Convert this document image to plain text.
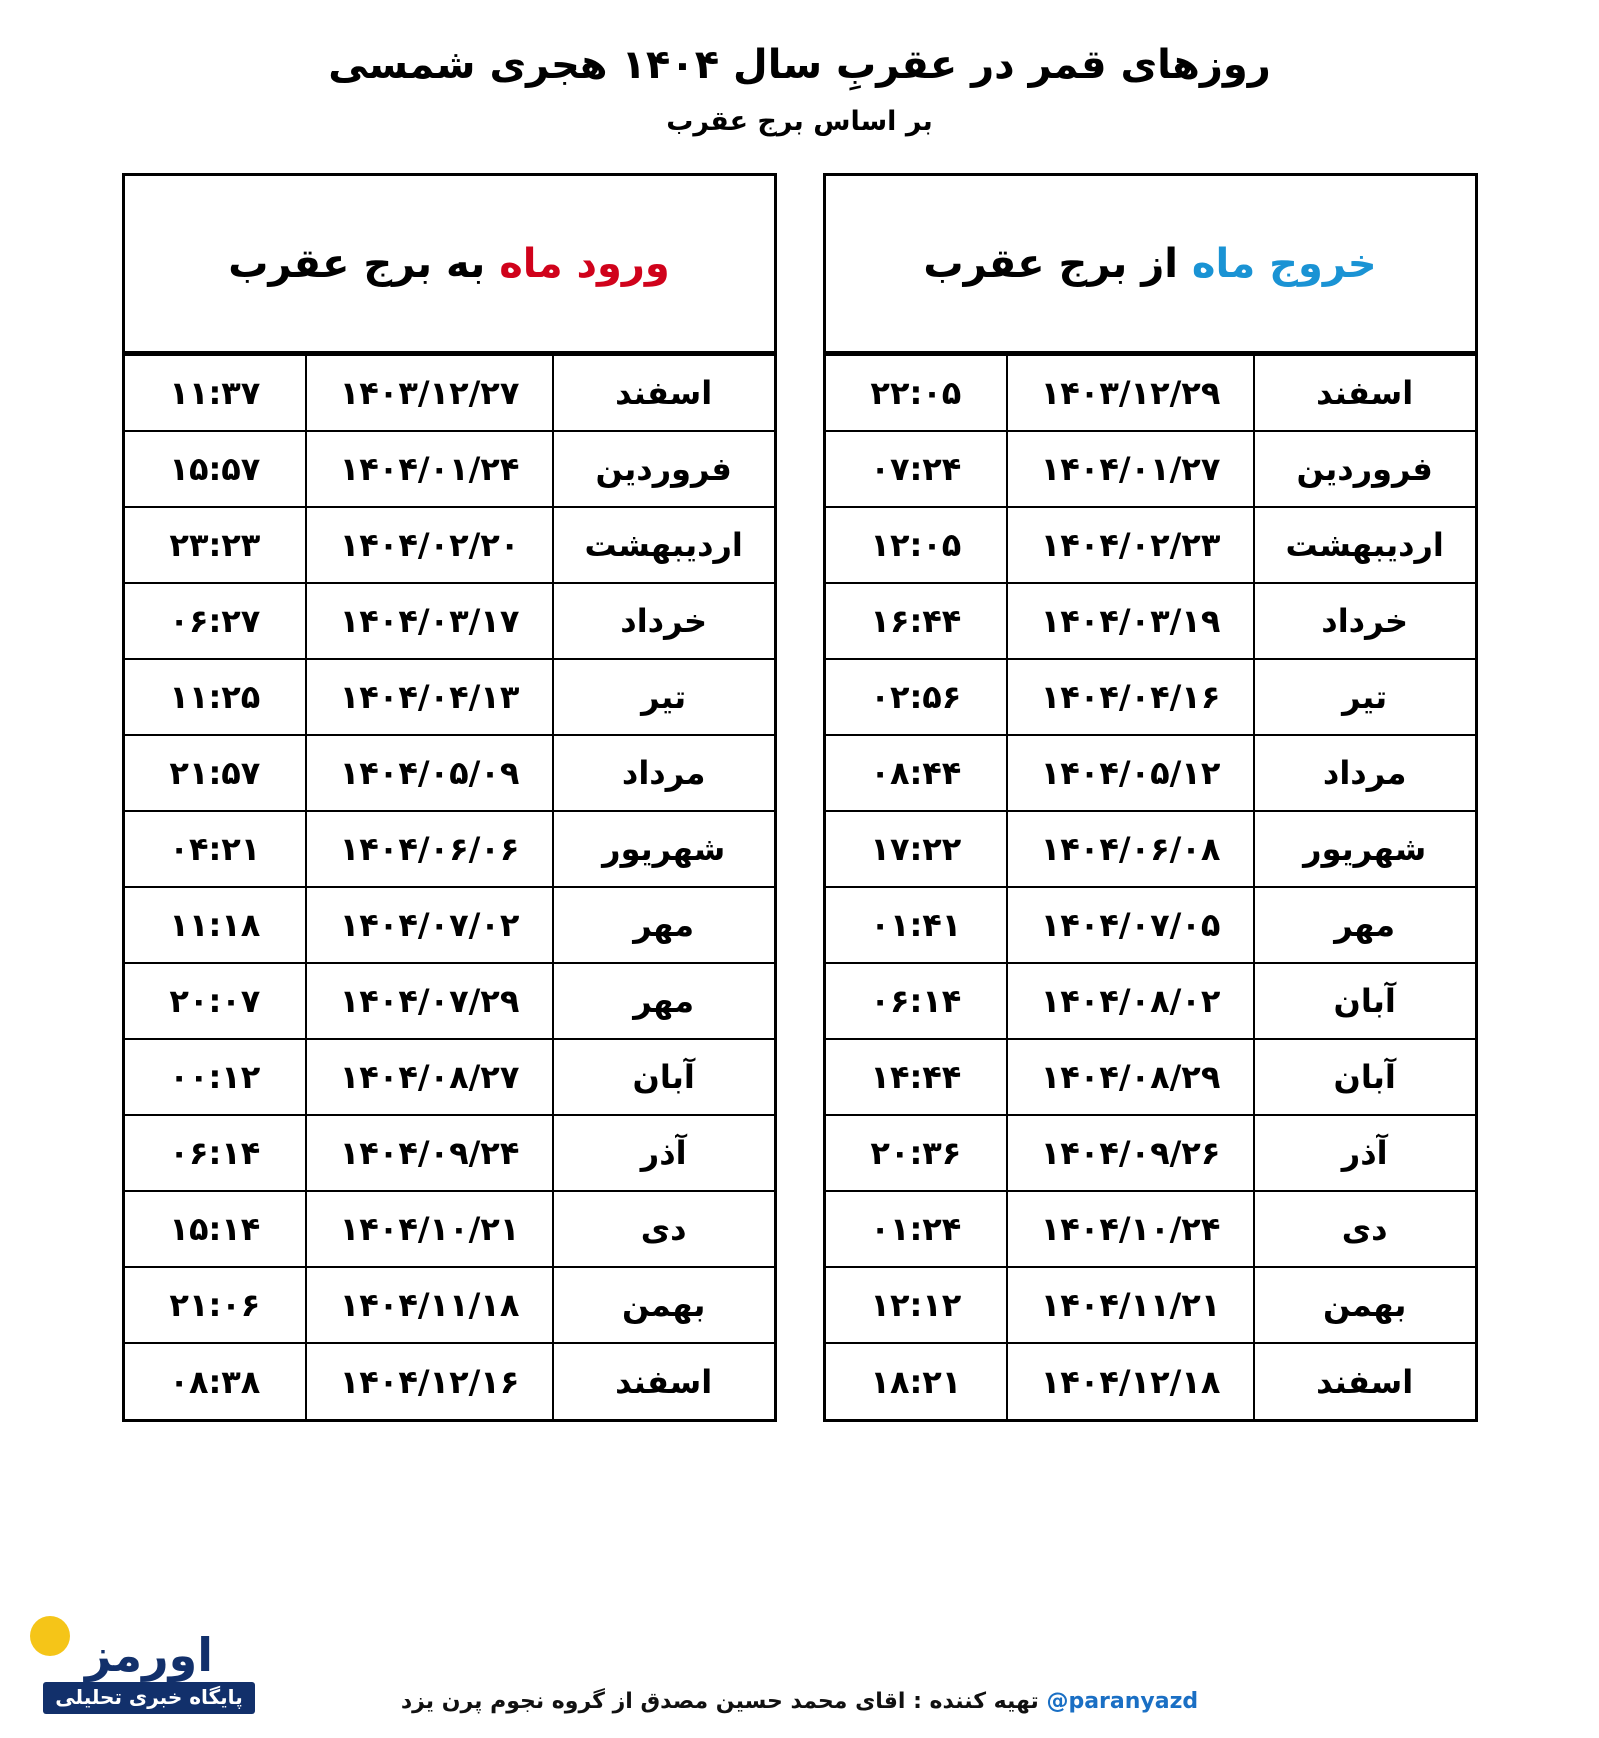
روزهای قمر در عقربِ سال ۱۴۰۴ هجری شمسی
بر اساس برج عقرب
خروج ماه از برج عقرب
اسفند	۱۴۰۳/۱۲/۲۹	۲۲:۰۵
فروردین	۱۴۰۴/۰۱/۲۷	۰۷:۲۴
اردیبهشت	۱۴۰۴/۰۲/۲۳	۱۲:۰۵
خرداد	۱۴۰۴/۰۳/۱۹	۱۶:۴۴
تیر	۱۴۰۴/۰۴/۱۶	۰۲:۵۶
مرداد	۱۴۰۴/۰۵/۱۲	۰۸:۴۴
شهریور	۱۴۰۴/۰۶/۰۸	۱۷:۲۲
مهر	۱۴۰۴/۰۷/۰۵	۰۱:۴۱
آبان	۱۴۰۴/۰۸/۰۲	۰۶:۱۴
آبان	۱۴۰۴/۰۸/۲۹	۱۴:۴۴
آذر	۱۴۰۴/۰۹/۲۶	۲۰:۳۶
دی	۱۴۰۴/۱۰/۲۴	۰۱:۲۴
بهمن	۱۴۰۴/۱۱/۲۱	۱۲:۱۲
اسفند	۱۴۰۴/۱۲/۱۸	۱۸:۲۱
ورود ماه به برج عقرب
اسفند	۱۴۰۳/۱۲/۲۷	۱۱:۳۷
فروردین	۱۴۰۴/۰۱/۲۴	۱۵:۵۷
اردیبهشت	۱۴۰۴/۰۲/۲۰	۲۳:۲۳
خرداد	۱۴۰۴/۰۳/۱۷	۰۶:۲۷
تیر	۱۴۰۴/۰۴/۱۳	۱۱:۲۵
مرداد	۱۴۰۴/۰۵/۰۹	۲۱:۵۷
شهریور	۱۴۰۴/۰۶/۰۶	۰۴:۲۱
مهر	۱۴۰۴/۰۷/۰۲	۱۱:۱۸
مهر	۱۴۰۴/۰۷/۲۹	۲۰:۰۷
آبان	۱۴۰۴/۰۸/۲۷	۰۰:۱۲
آذر	۱۴۰۴/۰۹/۲۴	۰۶:۱۴
دی	۱۴۰۴/۱۰/۲۱	۱۵:۱۴
بهمن	۱۴۰۴/۱۱/۱۸	۲۱:۰۶
اسفند	۱۴۰۴/۱۲/۱۶	۰۸:۳۸
@paranyazd تهیه کننده : اقای محمد حسین مصدق از گروه نجوم پرن یزد
اورمز
پایگاه خبری تحلیلی
